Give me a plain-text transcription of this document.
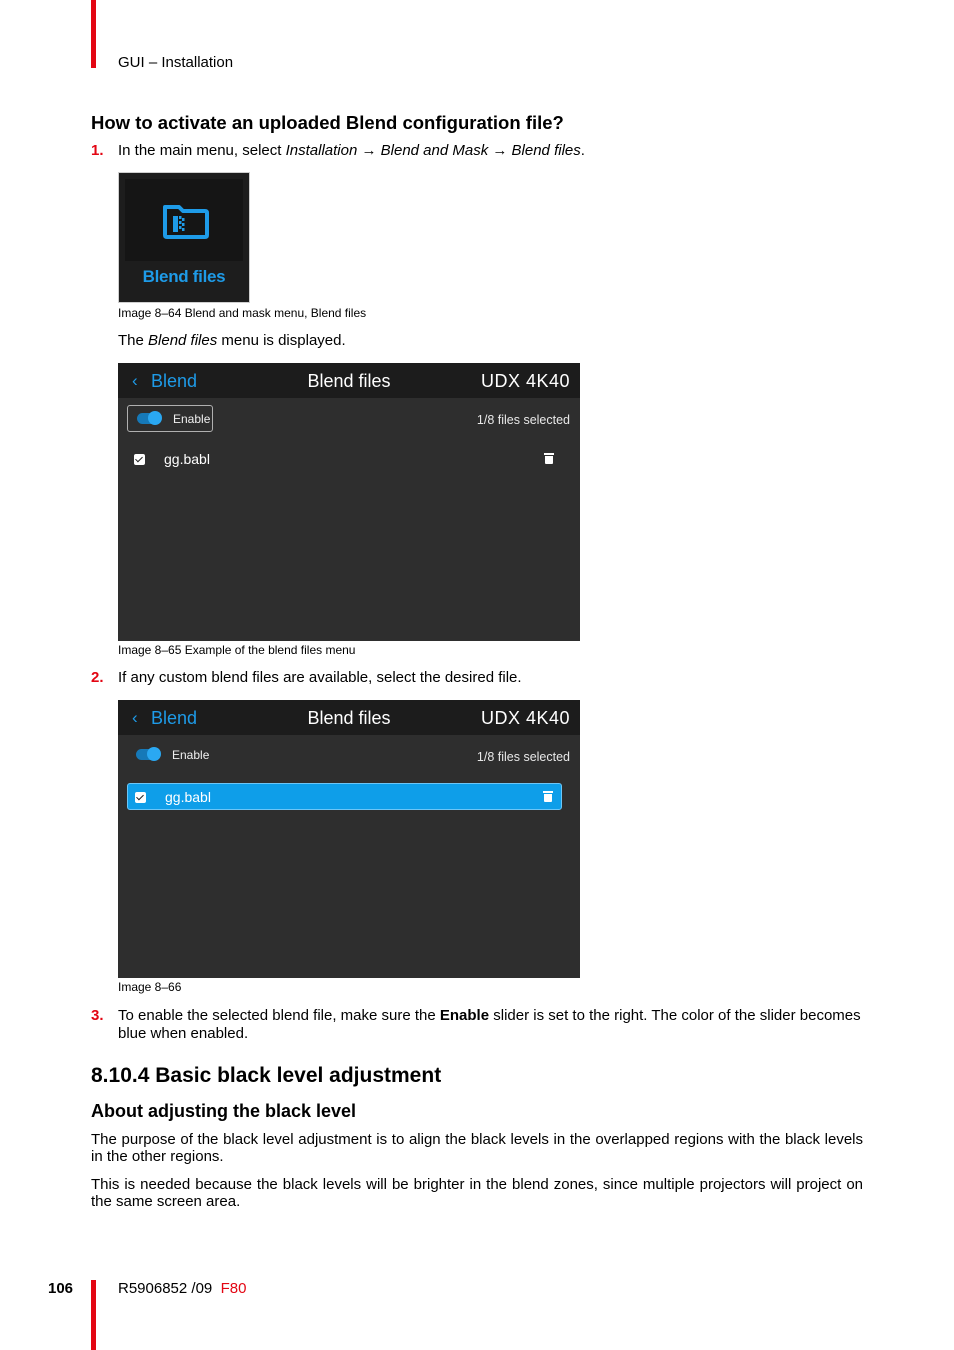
GUI – Installation
How to activate an uploaded Blend configuration file?
1. In the main menu, select Installation → Blend and Mask → Blend files.
Blend files
Image 8–64 Blend and mask menu, Blend files
The Blend files menu is displayed.
‹ Blend	Blend files	UDX 4K40
Enable	1/8 files selected
gg.babl
Image 8–65 Example of the blend files menu
2. If any custom blend files are available, select the desired file.
‹ Blend	Blend files	UDX 4K40
Enable	1/8 files selected
gg.babl
Image 8–66
3. To enable the selected blend file, make sure the Enable slider is set to the right. The color of the slider becomes blue when enabled.
8.10.4 Basic black level adjustment
About adjusting the black level
The purpose of the black level adjustment is to align the black levels in the overlapped regions with the black levels in the other regions.
This is needed because the black levels will be brighter in the blend zones, since multiple projectors will project on the same screen area.
106	R5906852 /09 F80
